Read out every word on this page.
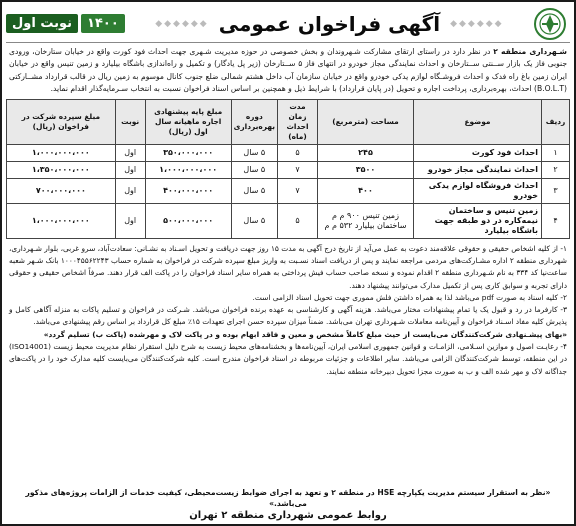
◆◆◆◆◆◆
آگهی فراخوان عمومی
◆◆◆◆◆◆
۱۴۰۰
نوبت اول
شـهرداری منطقه ۲ در نظر دارد در راستای ارتقای مشارکت شـهروندان و بخش خصوصی در حوزه مدیریت شـهری جهت احداث فود کورت واقع در خیابان ستارخان، ورودی جنوبی فاز یک بازار ســنتی ســتارخان و احداث نمایندگی مجاز خودرو در انتهای فاز ۵ ســتارخان (زیر پل یادگار) و تکمیل و راه‌اندازی باشگاه بیلیارد و زمین تنیس واقع در خیابان ایران زمین باغ راه فدک و احداث فروشـگاه لوازم یدکی خودرو واقع در خیابان سازمان آب داخل هشتم شمالی ضلع جنوب کانال موسوم به زمین ریال در قالب قرارداد مشــارکتی (B.O.L.T) احداث، بهره‌برداری، پرداخت اجاره و تحویل (در پایان قرارداد) با شرایط ذیل و همچنین بر اساس اسناد فراخوان نسبت به انتخاب سـرمایه‌گذار اقدام نماید.
ردیف	موضوع	مساحت (مترمربع)	مدت زمان احداث (ماه)	دوره بهره‌برداری	مبلغ پایه پیشنهادی اجاره ماهیانه سال اول (ریال)	نوبت	مبلغ سپرده شرکت در فراخوان (ریال)
۱	احداث فود کورت	۲۴۵	۵	۵ سال	۳۵۰،۰۰۰،۰۰۰	اول	۱،۰۰۰،۰۰۰،۰۰۰
۲	احداث نمایندگی مجاز خودرو	۳۵۰۰	۷	۵ سال	۱،۰۰۰،۰۰۰،۰۰۰	اول	۱،۳۵۰،۰۰۰،۰۰۰
۳	احداث فروشگاه لوازم یدکی خودرو	۴۰۰	۷	۵ سال	۴۰۰،۰۰۰،۰۰۰	اول	۷۰۰،۰۰۰،۰۰۰
۴	زمین تنیس و ساختمان نیمه‌کاره در دو طبقه جهت باشگاه بیلیارد	زمین تنیس ۹۰۰ م م ساختمان بیلیارد ۵۳۲ م م	۵	۵ سال	۵۰۰،۰۰۰،۰۰۰	اول	۱،۰۰۰،۰۰۰،۰۰۰

۱- از کلیه اشخاص حقیقی و حقوقی علاقه‌مند دعوت به عمل می‌آید از تاریخ درج آگهی به مدت ۱۵ روز جهت دریافت و تحویل اسـناد به نشـانی: سعادت‌آباد، سرو غربی، بلوار شـهرداری، شهرداری منطقه ۲ اداره مشـارکت‌های مردمی مراجعه نمایند و پس از دریافت اسناد نسـبت به واریز مبلغ سپرده شرکت در فراخوان به شماره حساب ۱۰۰۰۴۵۵۶۲۲۴۳ بانک شـهر شعبه ساعت‌نیا کد ۳۳۴ به نام شـهرداری منطقه ۲ اقدام نموده و نسخه صاحب حساب فیش پرداختی به همراه سایر اسناد فراخوان را در پاکت الف قرار دهند. صرفاً اشخاص حقیقی و حقوقی دارای تجربه و سوابق کاری پس از تکمیل مدارک می‌توانند پیشنهاد دهند.

۲- کلیه اسناد به صورت pdf می‌باشد لذا به همراه داشتن فلش مموری جهت تحویل اسناد الزامی است.

۳- کارفرما در رد و قبول یک یا تمام پیشنهادات مختار می‌باشد. هزینه آگهی و کارشناسی به عهده برنده فراخوان می‌باشد. شـرکت در فراخوان و تسلیم پاکات به منزله آگاهی کامل و پذیرش کلیه مفاد اسـناد فراخوان و آیین‌نامه معاملات شـهرداری تهران می‌باشد. ضمناً میزان سپرده حسن اجرای تعهدات ۱۵٪ مبلغ کل قرارداد بر اساس رقم پیشنهادی می‌باشد.

«بهای پیشـنهادی شرکت‌کنندگان می‌بایست از حیث مبلغ کاملاً مشخص و معین و فاقد ابهام بوده و در پاکت لاک و مهرشده (پاکت ب) تسلیم گردد»

۴- رعایـت اصول و موازین اسـلامی، الزامـات و قوانین جمهوری اسلامی ایران، آیین‌نامه‌ها و بخشنامه‌های محیط زیست به شرح دلیل استقرار نظام مدیریت محیط زیست (ISO14001) در این منطقه، توسط شرکت‌کنندگان الزامی می‌باشد. سایر اطلاعات و جزئیات مربوطه در اسناد فراخوان مندرج است. کلیه شرکت‌کنندگان می‌بایست کلیه مدارک خود را در پاکت‌های جداگانه لاک و مهر شده الف و ب به صورت مجزا تحویل دبیرخانه منطقه نمایند.

«نظر به استقرار سیستم مدیریت یکپارچه HSE در منطقه ۲ و تعهد به اجرای ضوابط زیست‌محیطی، کیفیت خدمات از الزامات پروژه‌های مذکور می‌باشد.»
روابط عمومی شهرداری منطقه ۲ تهران
